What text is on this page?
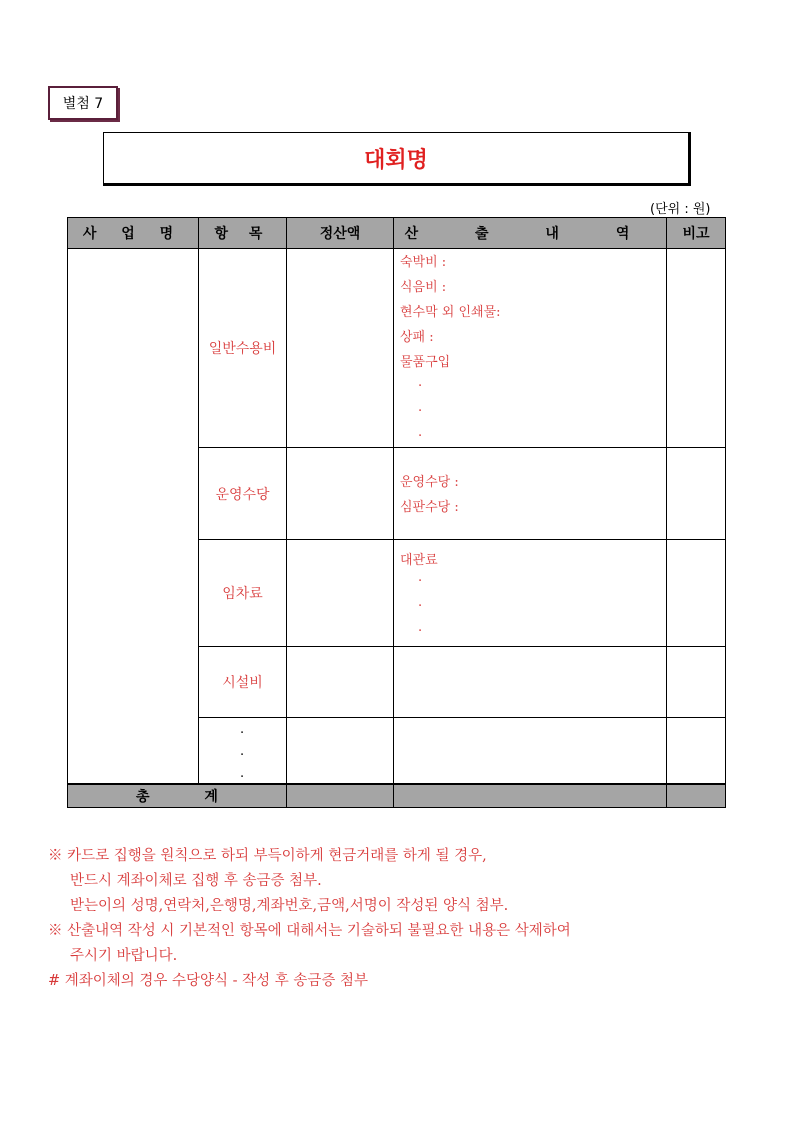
별첨 7
대회명
(단위 : 원)
사 업 명 항 목	정산액	산 출 내 역 비고
일반수용비
숙박비 :
식음비 :
현수막 외 인쇄물:
상패 :
물품구입
.
.
.
운영수당
운영수당 :
심판수당 :
임차료
대관료
.
.
.
시설비
.
.
.
총 계
※ 카드로 집행을 원칙으로 하되 부득이하게 현금거래를 하게 될 경우,
반드시 계좌이체로 집행 후 송금증 첨부.
받는이의 성명,연락처,은행명,계좌번호,금액,서명이 작성된 양식 첨부.
※ 산출내역 작성 시 기본적인 항목에 대해서는 기술하되 불필요한 내용은 삭제하여
주시기 바랍니다.
# 계좌이체의 경우 수당양식 - 작성 후 송금증 첨부
